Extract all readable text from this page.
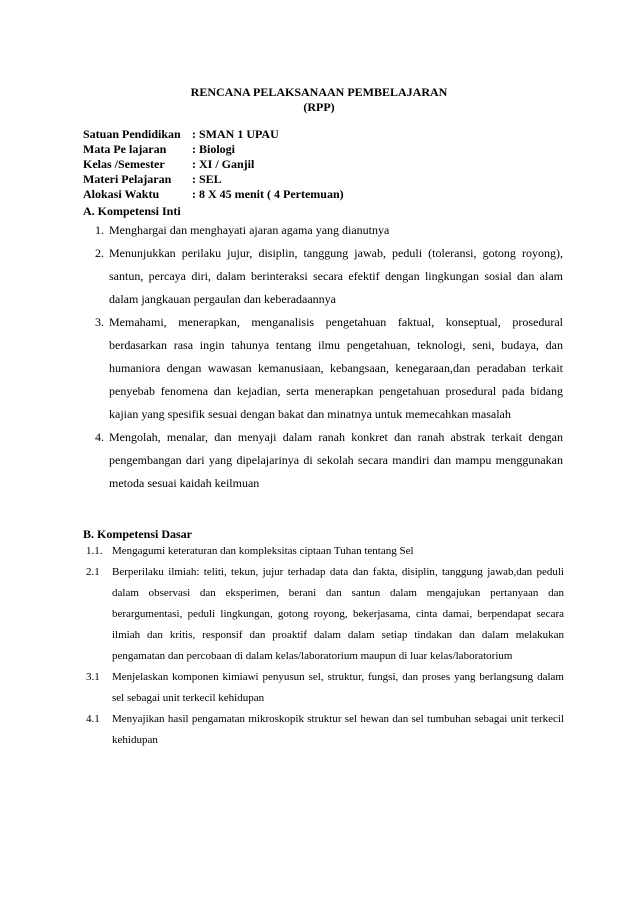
RENCANA PELAKSANAAN PEMBELAJARAN
(RPP)
Satuan Pendidikan : SMAN 1 UPAU
Mata Pe lajaran	: Biologi
Kelas /Semester	: XI / Ganjil
Materi Pelajaran	: SEL
Alokasi Waktu	: 8 X 45 menit ( 4 Pertemuan)
A. Kompetensi Inti
1. Menghargai dan menghayati ajaran agama yang dianutnya
2. Menunjukkan perilaku jujur, disiplin, tanggung jawab, peduli (toleransi, gotong royong), santun, percaya diri, dalam berinteraksi secara efektif dengan lingkungan sosial dan alam dalam jangkauan pergaulan dan keberadaannya
3. Memahami, menerapkan, menganalisis pengetahuan faktual, konseptual, prosedural berdasarkan rasa ingin tahunya tentang ilmu pengetahuan, teknologi, seni, budaya, dan humaniora dengan wawasan kemanusiaan, kebangsaan, kenegaraan,dan peradaban terkait penyebab fenomena dan kejadian, serta menerapkan pengetahuan prosedural pada bidang kajian yang spesifik sesuai dengan bakat dan minatnya untuk memecahkan masalah
4. Mengolah, menalar, dan menyaji dalam ranah konkret dan ranah abstrak terkait dengan pengembangan dari yang dipelajarinya di sekolah secara mandiri dan mampu menggunakan metoda sesuai kaidah keilmuan
B. Kompetensi Dasar
1.1. Mengagumi keteraturan dan kompleksitas ciptaan Tuhan tentang Sel
2.1	Berperilaku ilmiah: teliti, tekun, jujur terhadap data dan fakta, disiplin, tanggung jawab,dan peduli dalam observasi dan eksperimen, berani dan santun dalam mengajukan pertanyaan dan berargumentasi, peduli lingkungan, gotong royong, bekerjasama, cinta damai, berpendapat secara ilmiah dan kritis, responsif dan proaktif dalam dalam setiap tindakan dan dalam melakukan pengamatan dan percobaan di dalam kelas/laboratorium maupun di luar kelas/laboratorium
3.1	Menjelaskan komponen kimiawi penyusun sel, struktur, fungsi, dan proses yang berlangsung dalam sel sebagai unit terkecil kehidupan
4.1	Menyajikan hasil pengamatan mikroskopik struktur sel hewan dan sel tumbuhan sebagai unit terkecil kehidupan
